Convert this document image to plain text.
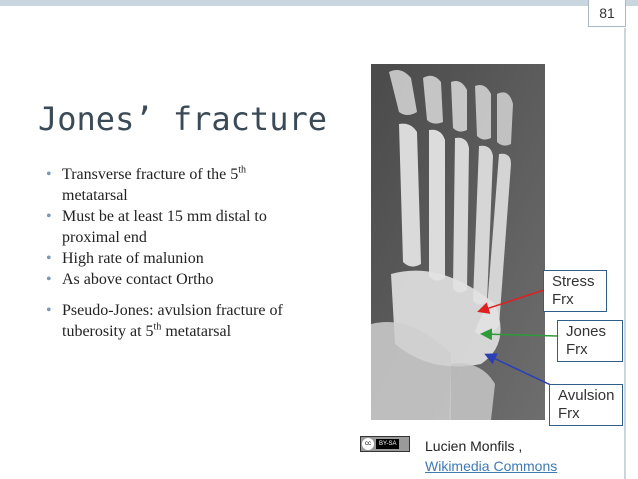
81
Jones’ fracture
• Transverse fracture of the 5th metatarsal
• Must be at least 15 mm distal to proximal end
• High rate of malunion
• As above contact Ortho
• Pseudo-Jones: avulsion fracture of tuberosity at 5th metatarsal
Stress
Frx
Jones
Frx
Avulsion
Frx
cc	BY-SA Lucien Monfils ,
Wikimedia Commons
